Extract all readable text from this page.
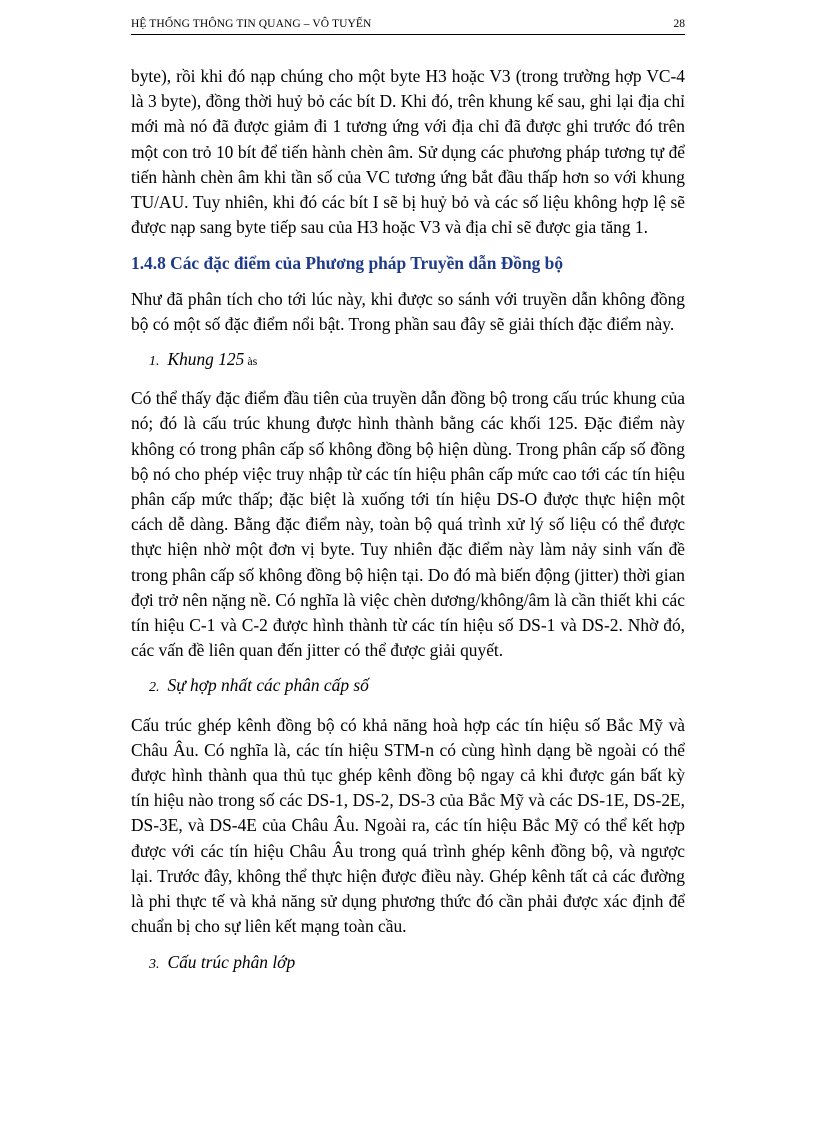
HỆ THỐNG THÔNG TIN QUANG – VÔ TUYẾN	28

byte), rồi khi đó nạp chúng cho một byte H3 hoặc V3 (trong trường hợp VC-4 là 3 byte), đồng thời huỷ bỏ các bít D. Khi đó, trên khung kế sau, ghi lại địa chỉ mới mà nó đã được giảm đi 1 tương ứng với địa chỉ đã được ghi trước đó trên một con trỏ 10 bít để tiến hành chèn âm. Sử dụng các phương pháp tương tự để tiến hành chèn âm khi tần số của VC tương ứng bắt đầu thấp hơn so với khung TU/AU. Tuy nhiên, khi đó các bít I sẽ bị huỷ bỏ và các số liệu không hợp lệ sẽ được nạp sang byte tiếp sau của H3 hoặc V3 và địa chỉ sẽ được gia tăng 1.

1.4.8 Các đặc điểm của Phương pháp Truyền dẫn Đồng bộ

Như đã phân tích cho tới lúc này, khi được so sánh với truyền dẫn không đồng bộ có một số đặc điểm nổi bật. Trong phần sau đây sẽ giải thích đặc điểm này.

1. Khung 125 às

Có thể thấy đặc điểm đầu tiên của truyền dẫn đồng bộ trong cấu trúc khung của nó; đó là cấu trúc khung được hình thành bằng các khối 125. Đặc điểm này không có trong phân cấp số không đồng bộ hiện dùng. Trong phân cấp số đồng bộ nó cho phép việc truy nhập từ các tín hiệu phân cấp mức cao tới các tín hiệu phân cấp mức thấp; đặc biệt là xuống tới tín hiệu DS-O được thực hiện một cách dễ dàng. Bằng đặc điểm này, toàn bộ quá trình xử lý số liệu có thể được thực hiện nhờ một đơn vị byte. Tuy nhiên đặc điểm này làm nảy sinh vấn đề trong phân cấp số không đồng bộ hiện tại. Do đó mà biến động (jitter) thời gian đợi trở nên nặng nề. Có nghĩa là việc chèn dương/không/âm là cần thiết khi các tín hiệu C-1 và C-2 được hình thành từ các tín hiệu số DS-1 và DS-2. Nhờ đó, các vấn đề liên quan đến jitter có thể được giải quyết.

2. Sự hợp nhất các phân cấp số

Cấu trúc ghép kênh đồng bộ có khả năng hoà hợp các tín hiệu số Bắc Mỹ và Châu Âu. Có nghĩa là, các tín hiệu STM-n có cùng hình dạng bề ngoài có thể được hình thành qua thủ tục ghép kênh đồng bộ ngay cả khi được gán bất kỳ tín hiệu nào trong số các DS-1, DS-2, DS-3 của Bắc Mỹ và các DS-1E, DS-2E, DS-3E, và DS-4E của Châu Âu. Ngoài ra, các tín hiệu Bắc Mỹ có thể kết hợp được với các tín hiệu Châu Âu trong quá trình ghép kênh đồng bộ, và ngược lại. Trước đây, không thể thực hiện được điều này. Ghép kênh tất cả các đường là phi thực tế và khả năng sử dụng phương thức đó cần phải được xác định để chuẩn bị cho sự liên kết mạng toàn cầu.

3. Cấu trúc phân lớp
